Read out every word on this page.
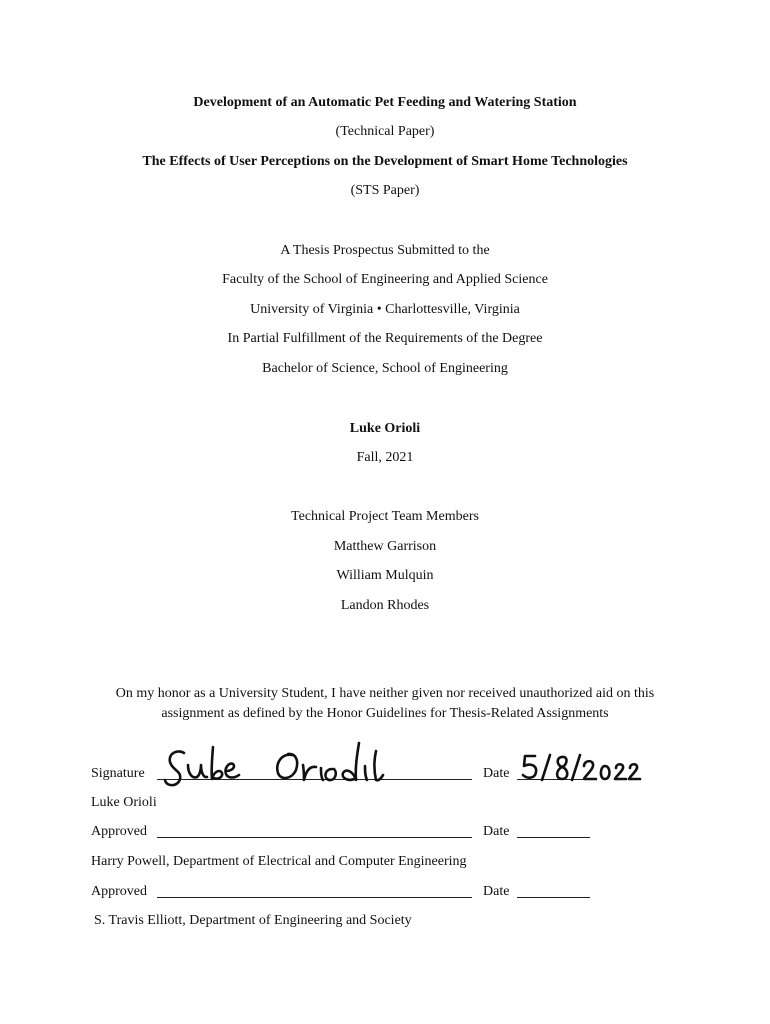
Development of an Automatic Pet Feeding and Watering Station
(Technical Paper)
The Effects of User Perceptions on the Development of Smart Home Technologies
(STS Paper)
A Thesis Prospectus Submitted to the
Faculty of the School of Engineering and Applied Science
University of Virginia • Charlottesville, Virginia
In Partial Fulfillment of the Requirements of the Degree
Bachelor of Science, School of Engineering
Luke Orioli
Fall, 2021
Technical Project Team Members
Matthew Garrison
William Mulquin
Landon Rhodes
On my honor as a University Student, I have neither given nor received unauthorized aid on this
assignment as defined by the Honor Guidelines for Thesis-Related Assignments
Signature	Date
Luke Orioli
Approved	Date
Harry Powell, Department of Electrical and Computer Engineering
Approved	Date
S. Travis Elliott, Department of Engineering and Society
